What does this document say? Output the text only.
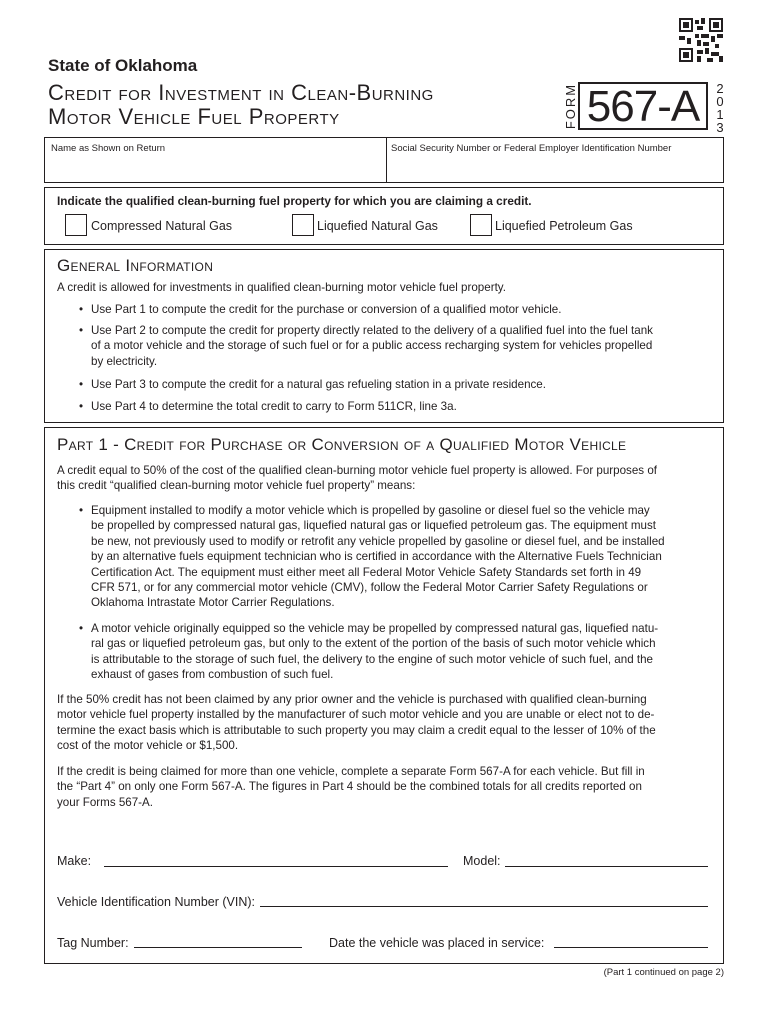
State of Oklahoma
Credit for Investment in Clean-Burning
Motor Vehicle Fuel Property	FORM 567-A	2
0
1
3
Name as Shown on Return	Social Security Number or Federal Employer Identification Number
Indicate the qualified clean-burning fuel property for which you are claiming a credit.
Compressed Natural Gas	Liquefied Natural Gas	Liquefied Petroleum Gas
General Information
A credit is allowed for investments in qualified clean-burning motor vehicle fuel property.
• Use Part 1 to compute the credit for the purchase or conversion of a qualified motor vehicle.
• Use Part 2 to compute the credit for property directly related to the delivery of a qualified fuel into the fuel tank
of a motor vehicle and the storage of such fuel or for a public access recharging system for vehicles propelled
by electricity.
• Use Part 3 to compute the credit for a natural gas refueling station in a private residence.
• Use Part 4 to determine the total credit to carry to Form 511CR, line 3a.
Part 1 - Credit for Purchase or Conversion of a Qualified Motor Vehicle
A credit equal to 50% of the cost of the qualified clean-burning motor vehicle fuel property is allowed. For purposes of
this credit “qualified clean-burning motor vehicle fuel property” means:
• Equipment installed to modify a motor vehicle which is propelled by gasoline or diesel fuel so the vehicle may
be propelled by compressed natural gas, liquefied natural gas or liquefied petroleum gas. The equipment must
be new, not previously used to modify or retrofit any vehicle propelled by gasoline or diesel fuel, and be installed
by an alternative fuels equipment technician who is certified in accordance with the Alternative Fuels Technician
Certification Act. The equipment must either meet all Federal Motor Vehicle Safety Standards set forth in 49
CFR 571, or for any commercial motor vehicle (CMV), follow the Federal Motor Carrier Safety Regulations or
Oklahoma Intrastate Motor Carrier Regulations.
• A motor vehicle originally equipped so the vehicle may be propelled by compressed natural gas, liquefied natu-
ral gas or liquefied petroleum gas, but only to the extent of the portion of the basis of such motor vehicle which
is attributable to the storage of such fuel, the delivery to the engine of such motor vehicle of such fuel, and the
exhaust of gases from combustion of such fuel.
If the 50% credit has not been claimed by any prior owner and the vehicle is purchased with qualified clean-burning
motor vehicle fuel property installed by the manufacturer of such motor vehicle and you are unable or elect not to de-
termine the exact basis which is attributable to such property you may claim a credit equal to the lesser of 10% of the
cost of the motor vehicle or $1,500.
If the credit is being claimed for more than one vehicle, complete a separate Form 567-A for each vehicle. But fill in
the “Part 4” on only one Form 567-A. The figures in Part 4 should be the combined totals for all credits reported on
your Forms 567-A.
Make:	Model:
Vehicle Identification Number (VIN):
Tag Number:	Date the vehicle was placed in service:
(Part 1 continued on page 2)
